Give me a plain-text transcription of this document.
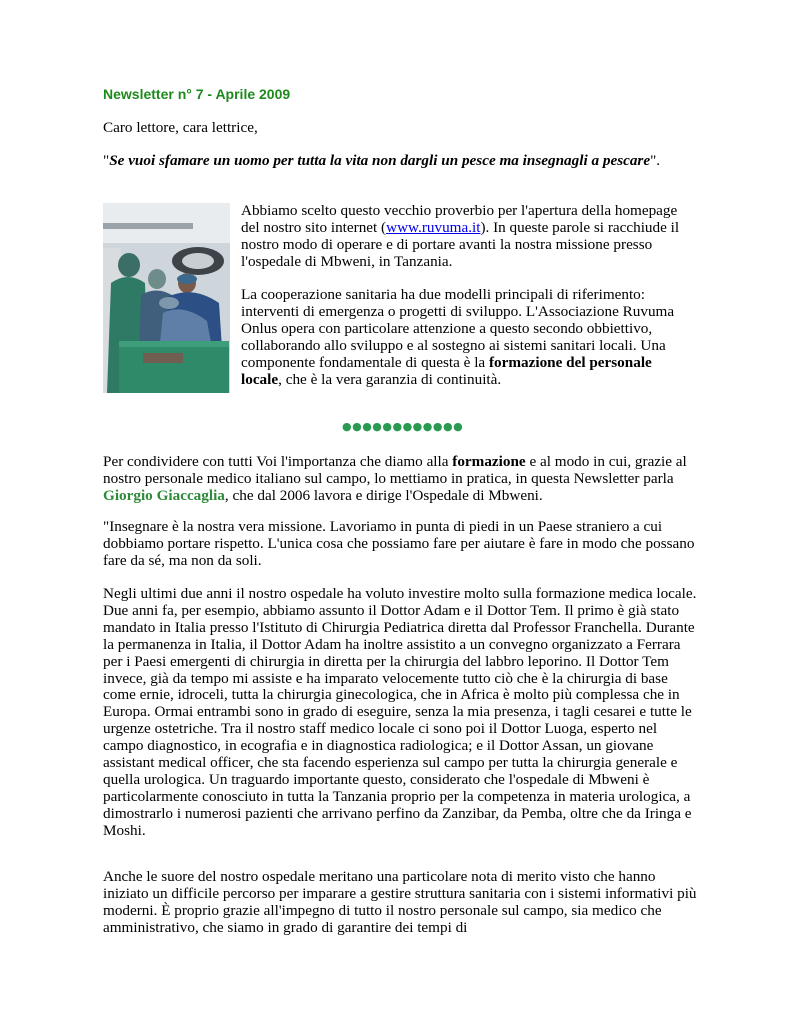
Newsletter n° 7 - Aprile 2009

Caro lettore, cara lettrice,

"Se vuoi sfamare un uomo per tutta la vita non dargli un pesce ma insegnagli a pescare".

Abbiamo scelto questo vecchio proverbio per l'apertura della homepage del nostro sito internet (www.ruvuma.it). In queste parole si racchiude il nostro modo di operare e di portare avanti la nostra missione presso l'ospedale di Mbweni, in Tanzania.

La cooperazione sanitaria ha due modelli principali di riferimento: interventi di emergenza o progetti di sviluppo. L'Associazione Ruvuma Onlus opera con particolare attenzione a questo secondo obbiettivo, collaborando allo sviluppo e al sostegno ai sistemi sanitari locali. Una componente fondamentale di questa è la formazione del personale locale, che è la vera garanzia di continuità.

●●●●●●●●●●●●

Per condividere con tutti Voi l'importanza che diamo alla formazione e al modo in cui, grazie al nostro personale medico italiano sul campo, lo mettiamo in pratica, in questa Newsletter parla Giorgio Giaccaglia, che dal 2006 lavora e dirige l'Ospedale di Mbweni.

"Insegnare è la nostra vera missione. Lavoriamo in punta di piedi in un Paese straniero a cui dobbiamo portare rispetto. L'unica cosa che possiamo fare per aiutare è fare in modo che possano fare da sé, ma non da soli.

Negli ultimi due anni il nostro ospedale ha voluto investire molto sulla formazione medica locale. Due anni fa, per esempio, abbiamo assunto il Dottor Adam e il Dottor Tem. Il primo è già stato mandato in Italia presso l'Istituto di Chirurgia Pediatrica diretta dal Professor Franchella. Durante la permanenza in Italia, il Dottor Adam ha inoltre assistito a un convegno organizzato a Ferrara per i Paesi emergenti di chirurgia in diretta per la chirurgia del labbro leporino. Il Dottor Tem invece, già da tempo mi assiste e ha imparato velocemente tutto ciò che è la chirurgia di base come ernie, idroceli, tutta la chirurgia ginecologica, che in Africa è molto più complessa che in Europa. Ormai entrambi sono in grado di eseguire, senza la mia presenza, i tagli cesarei e tutte le urgenze ostetriche. Tra il nostro staff medico locale ci sono poi il Dottor Luoga, esperto nel campo diagnostico, in ecografia e in diagnostica radiologica; e il Dottor Assan, un giovane assistant medical officer, che sta facendo esperienza sul campo per tutta la chirurgia generale e quella urologica. Un traguardo importante questo, considerato che l'ospedale di Mbweni è particolarmente conosciuto in tutta la Tanzania proprio per la competenza in materia urologica, a dimostrarlo i numerosi pazienti che arrivano perfino da Zanzibar, da Pemba, oltre che da Iringa e Moshi.

Anche le suore del nostro ospedale meritano una particolare nota di merito visto che hanno iniziato un difficile percorso per imparare a gestire struttura sanitaria con i sistemi informativi più moderni. È proprio grazie all'impegno di tutto il nostro personale sul campo, sia medico che amministrativo, che siamo in grado di garantire dei tempi di
